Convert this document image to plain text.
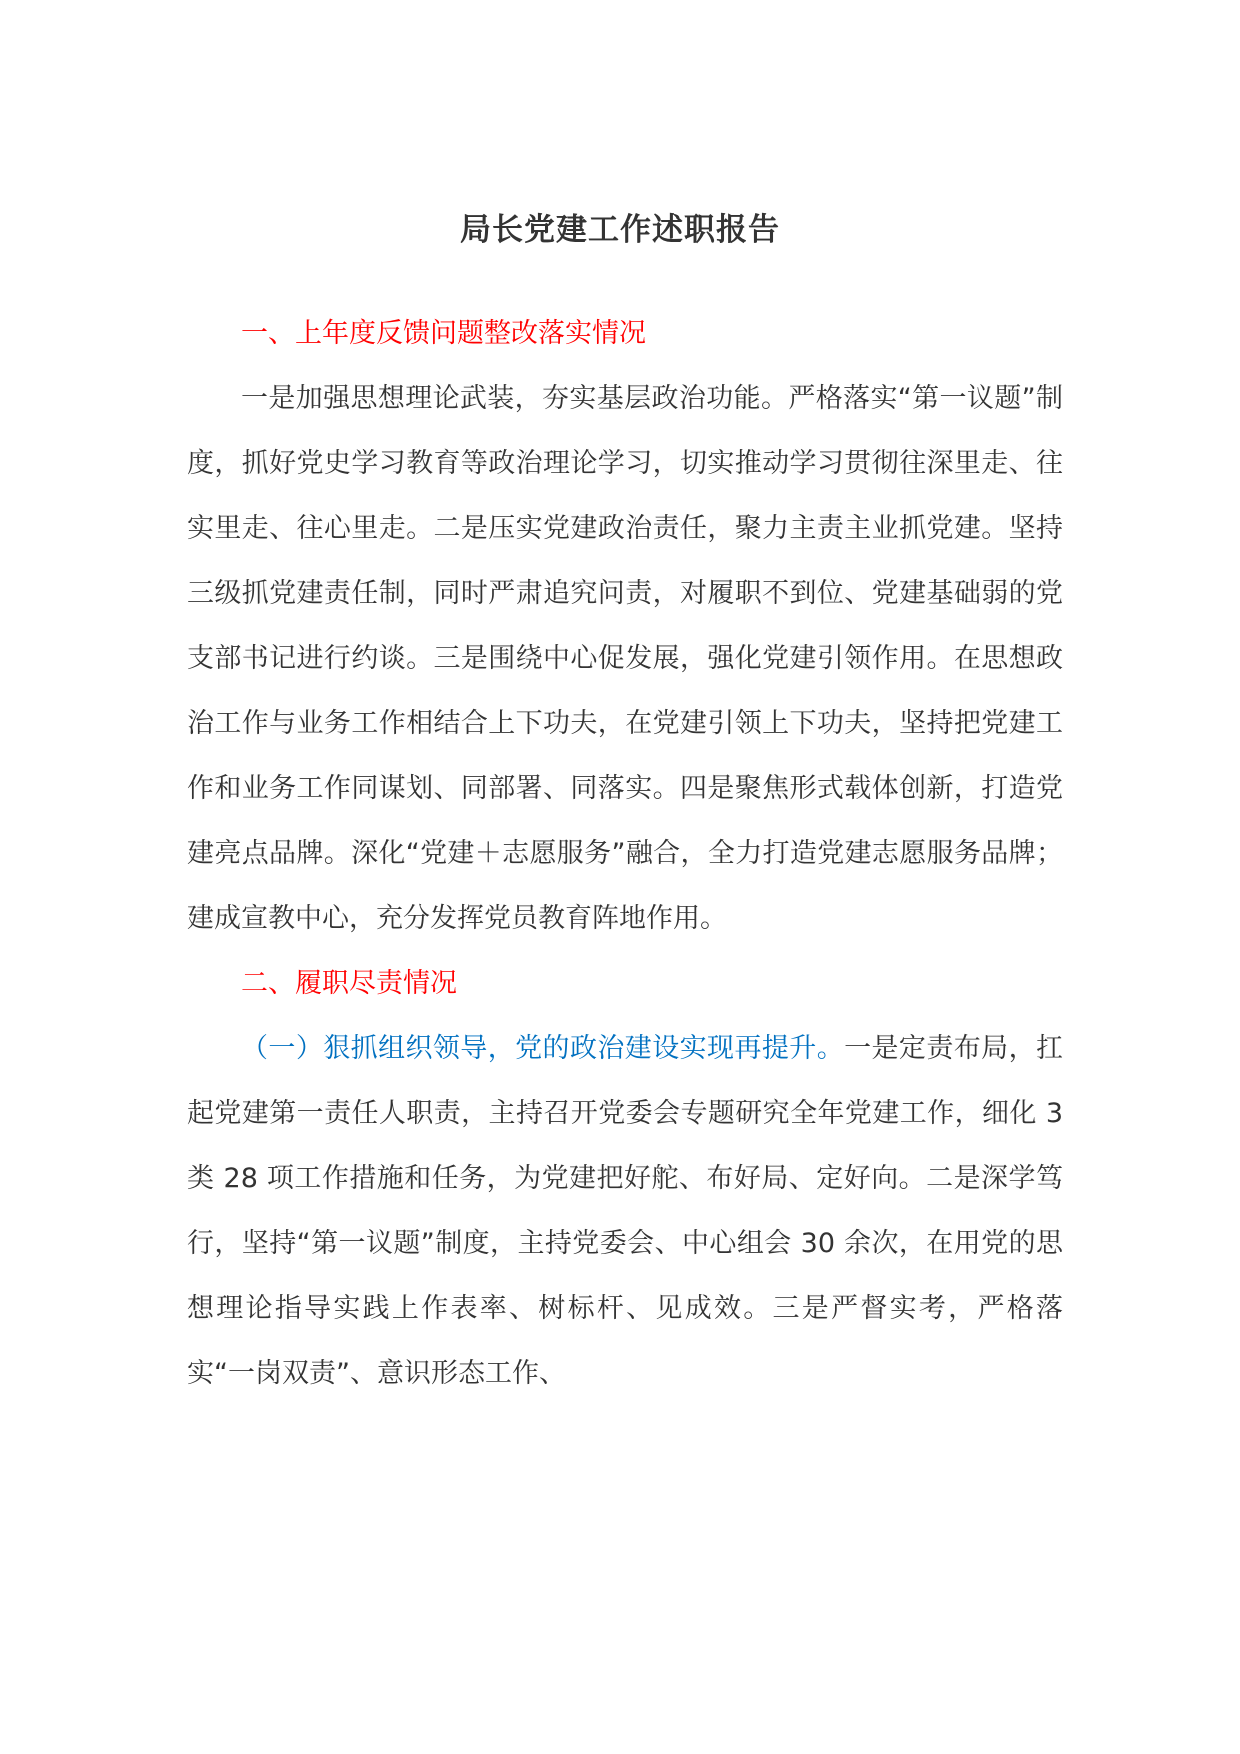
局长党建工作述职报告

一、上年度反馈问题整改落实情况

一是加强思想理论武装，夯实基层政治功能。严格落实“第一议题”制度，抓好党史学习教育等政治理论学习，切实推动学习贯彻往深里走、往实里走、往心里走。二是压实党建政治责任，聚力主责主业抓党建。坚持三级抓党建责任制，同时严肃追究问责，对履职不到位、党建基础弱的党支部书记进行约谈。三是围绕中心促发展，强化党建引领作用。在思想政治工作与业务工作相结合上下功夫，在党建引领上下功夫，坚持把党建工作和业务工作同谋划、同部署、同落实。四是聚焦形式载体创新，打造党建亮点品牌。深化“党建＋志愿服务”融合，全力打造党建志愿服务品牌；建成宣教中心，充分发挥党员教育阵地作用。

二、履职尽责情况

（一）狠抓组织领导，党的政治建设实现再提升。一是定责布局，扛起党建第一责任人职责，主持召开党委会专题研究全年党建工作，细化 3 类 28 项工作措施和任务，为党建把好舵、布好局、定好向。二是深学笃行，坚持“第一议题”制度，主持党委会、中心组会 30 余次，在用党的思想理论指导实践上作表率、树标杆、见成效。三是严督实考，严格落实“一岗双责”、意识形态工作、
